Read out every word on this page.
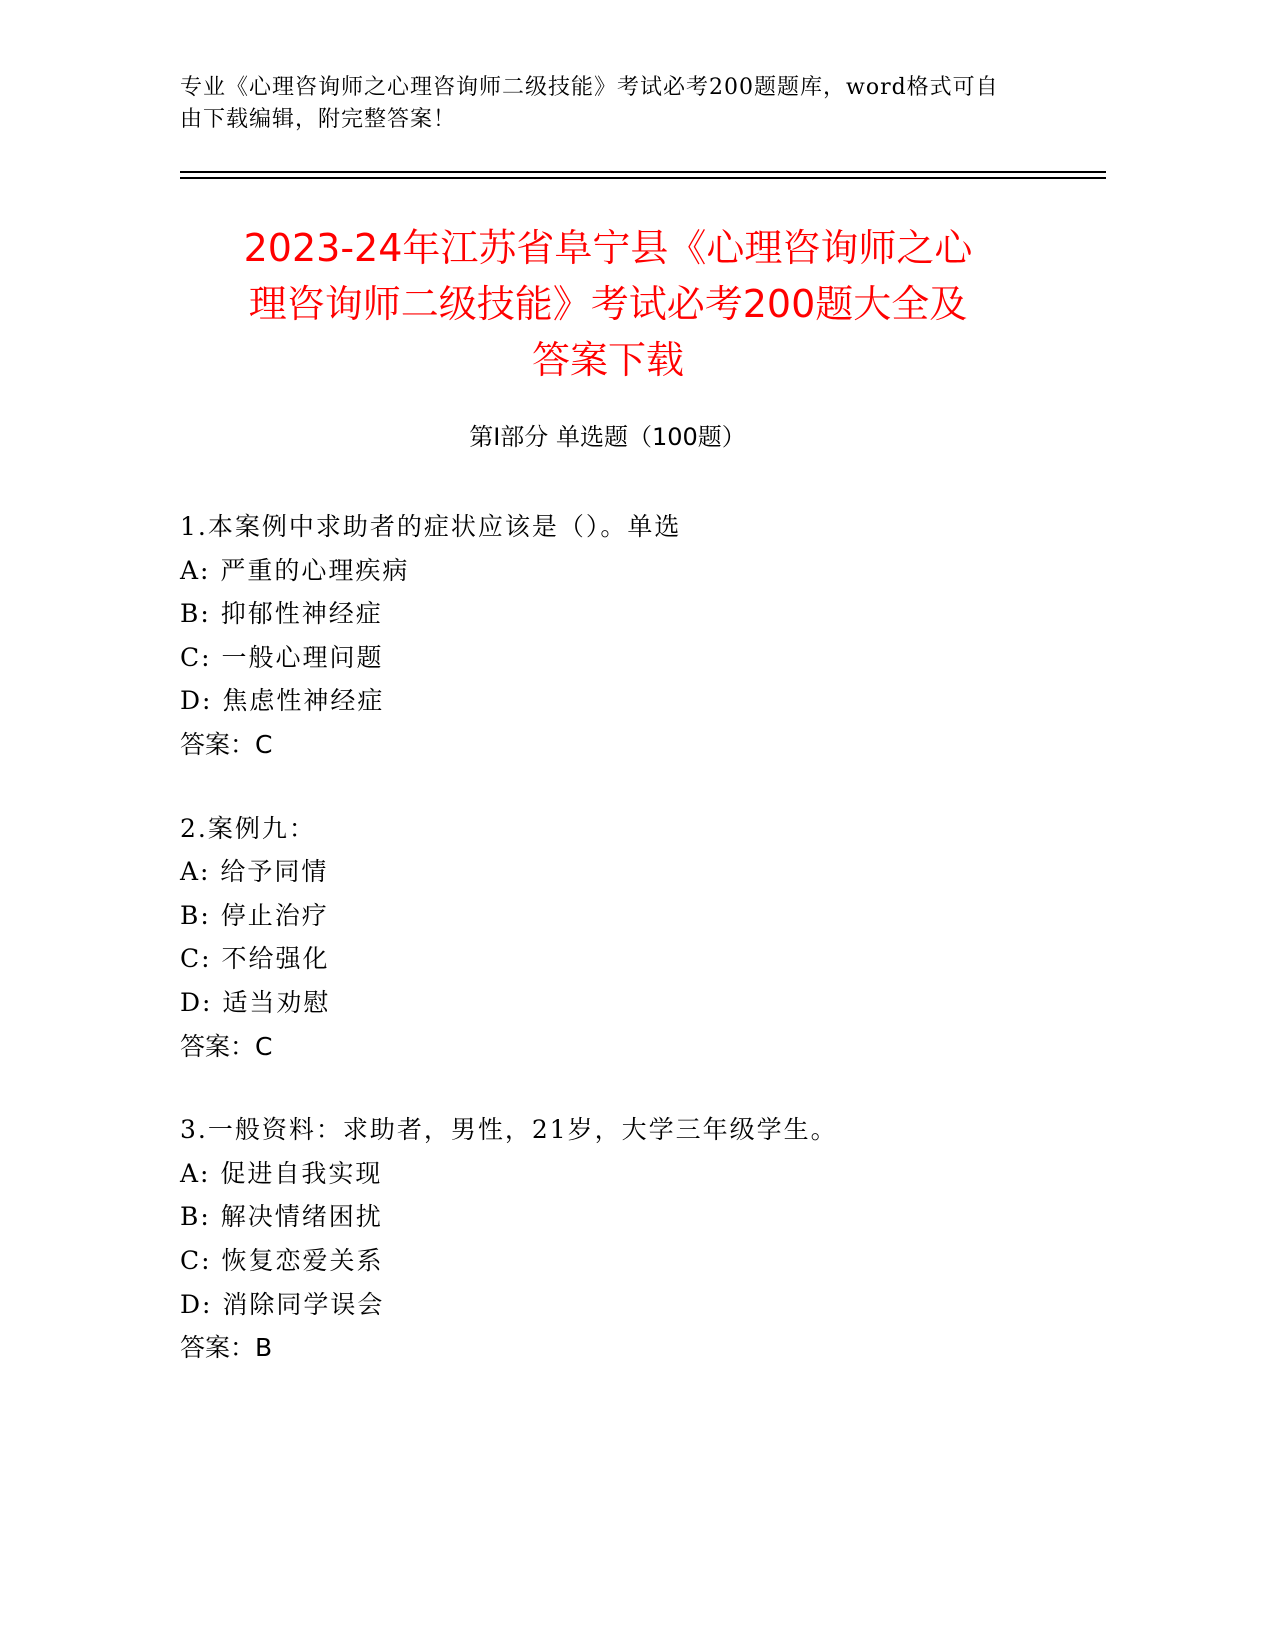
专业《心理咨询师之心理咨询师二级技能》考试必考200题题库，word格式可自
由下载编辑，附完整答案！
2023-24年江苏省阜宁县《心理咨询师之心
理咨询师二级技能》考试必考200题大全及
答案下载
第Ⅰ部分 单选题（100题）
1.本案例中求助者的症状应该是（）。单选
A: 严重的心理疾病
B: 抑郁性神经症
C: 一般心理问题
D: 焦虑性神经症
答案：C
2.案例九：
A: 给予同情
B: 停止治疗
C: 不给强化
D: 适当劝慰
答案：C
3.一般资料：求助者，男性，21岁，大学三年级学生。
A: 促进自我实现
B: 解决情绪困扰
C: 恢复恋爱关系
D: 消除同学误会
答案：B
